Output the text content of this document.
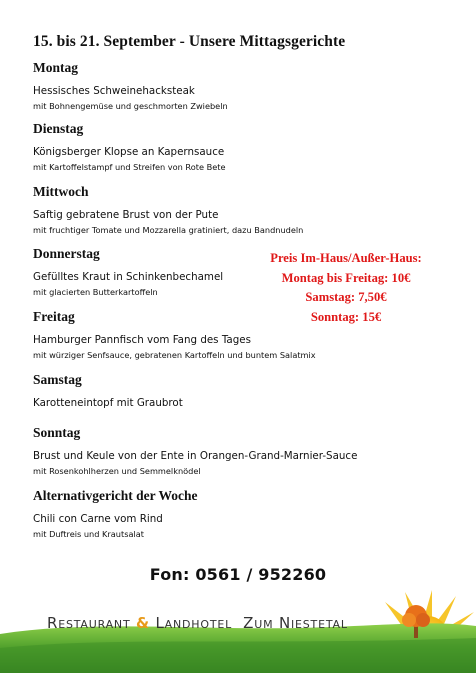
15. bis 21. September - Unsere Mittagsgerichte
Montag
Hessisches Schweinehacksteak
mit Bohnengemüse und geschmorten Zwiebeln
Dienstag
Königsberger Klopse an Kapernsauce
mit Kartoffelstampf und Streifen von Rote Bete
Mittwoch
Saftig gebratene Brust von der Pute
mit fruchtiger Tomate und Mozzarella gratiniert, dazu Bandnudeln
Donnerstag
Gefülltes Kraut in Schinkenbechamel
mit glacierten Butterkartoffeln
Freitag
Hamburger Pannfisch vom Fang des Tages
mit würziger Senfsauce, gebratenen Kartoffeln und buntem Salatmix
Samstag
Karotteneintopf mit Graubrot
Sonntag
Brust und Keule von der Ente in Orangen-Grand-Marnier-Sauce
mit Rosenkohlherzen und Semmelknödel
Alternativgericht der Woche
Chili con Carne vom Rind
mit Duftreis und Krautsalat
Preis Im-Haus/Außer-Haus:
Montag bis Freitag: 10€
Samstag: 7,50€
Sonntag: 15€
Fon: 0561 / 952260
Restaurant & Landhotel Zum Niestetal
